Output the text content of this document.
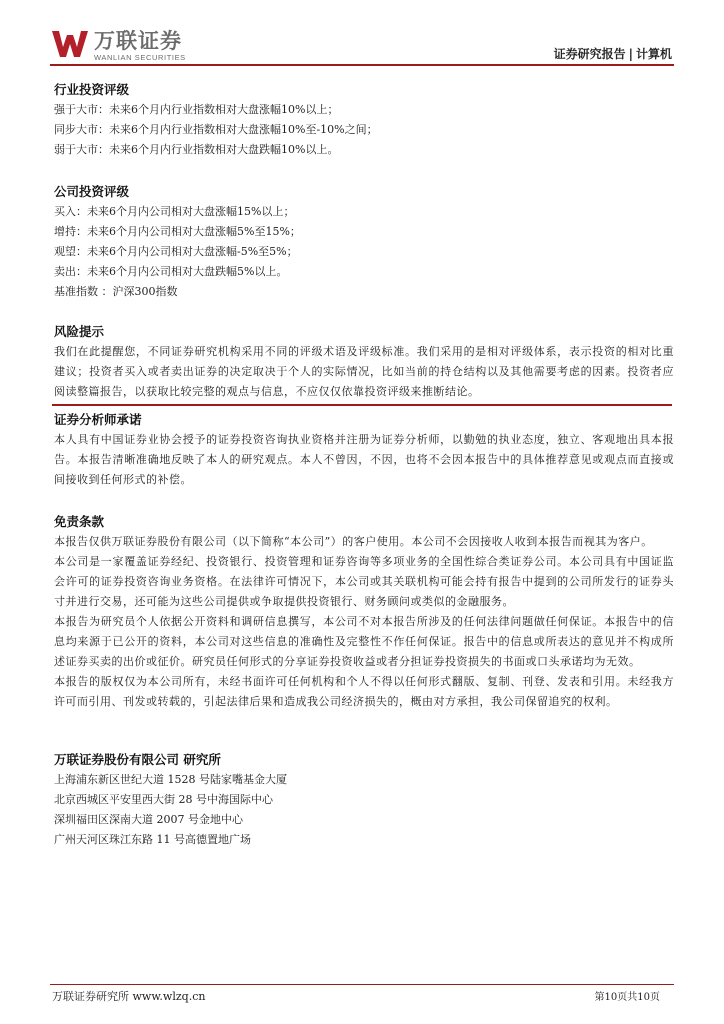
万联证券
WANLIAN SECURITIES	证券研究报告 | 计算机

行业投资评级

强于大市：未来6个月内行业指数相对大盘涨幅10%以上；

同步大市：未来6个月内行业指数相对大盘涨幅10%至-10%之间；

弱于大市：未来6个月内行业指数相对大盘跌幅10%以上。

公司投资评级

买入：未来6个月内公司相对大盘涨幅15%以上；

增持：未来6个月内公司相对大盘涨幅5%至15%；

观望：未来6个月内公司相对大盘涨幅-5%至5%；

卖出：未来6个月内公司相对大盘跌幅5%以上。

基准指数 ：沪深300指数

风险提示

我们在此提醒您，不同证券研究机构采用不同的评级术语及评级标准。我们采用的是相对评级体系，表示投资的相对比重建议；投资者买入或者卖出证券的决定取决于个人的实际情况，比如当前的持仓结构以及其他需要考虑的因素。投资者应阅读整篇报告，以获取比较完整的观点与信息，不应仅仅依靠投资评级来推断结论。

证券分析师承诺

本人具有中国证券业协会授予的证券投资咨询执业资格并注册为证券分析师，以勤勉的执业态度，独立、客观地出具本报告。本报告清晰准确地反映了本人的研究观点。本人不曾因，不因，也将不会因本报告中的具体推荐意见或观点而直接或间接收到任何形式的补偿。

免责条款

本报告仅供万联证券股份有限公司（以下简称“本公司”）的客户使用。本公司不会因接收人收到本报告而视其为客户。

本公司是一家覆盖证券经纪、投资银行、投资管理和证券咨询等多项业务的全国性综合类证券公司。本公司具有中国证监会许可的证券投资咨询业务资格。在法律许可情况下，本公司或其关联机构可能会持有报告中提到的公司所发行的证券头寸并进行交易，还可能为这些公司提供或争取提供投资银行、财务顾问或类似的金融服务。

本报告为研究员个人依据公开资料和调研信息撰写，本公司不对本报告所涉及的任何法律问题做任何保证。本报告中的信息均来源于已公开的资料，本公司对这些信息的准确性及完整性不作任何保证。报告中的信息或所表达的意见并不构成所述证券买卖的出价或征价。研究员任何形式的分享证券投资收益或者分担证券投资损失的书面或口头承诺均为无效。

本报告的版权仅为本公司所有，未经书面许可任何机构和个人不得以任何形式翻版、复制、刊登、发表和引用。未经我方许可而引用、刊发或转载的，引起法律后果和造成我公司经济损失的，概由对方承担，我公司保留追究的权利。

万联证券股份有限公司 研究所

上海浦东新区世纪大道 1528 号陆家嘴基金大厦

北京西城区平安里西大街 28 号中海国际中心

深圳福田区深南大道 2007 号金地中心

广州天河区珠江东路 11 号高德置地广场

万联证券研究所 www.wlzq.cn	第10页共10页
